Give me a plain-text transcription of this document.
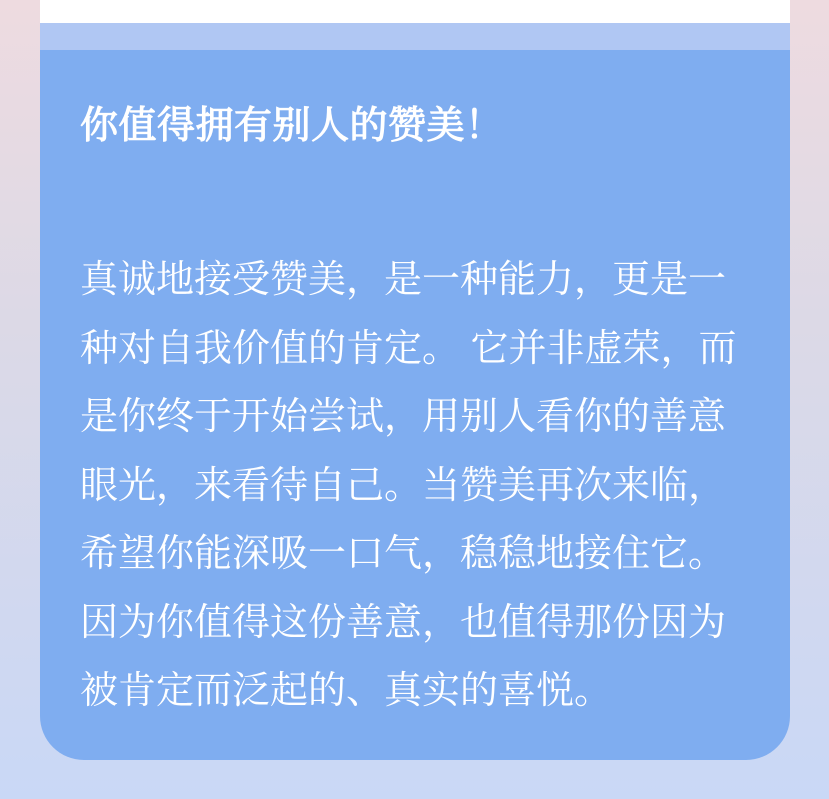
你值得拥有别人的赞美！
真诚地接受赞美，是一种能力，更是一
种对自我价值的肯定。 它并非虚荣，而
是你终于开始尝试，用别人看你的善意
眼光，来看待自己。当赞美再次来临，
希望你能深吸一口气，稳稳地接住它。
因为你值得这份善意，也值得那份因为
被肯定而泛起的、真实的喜悦。
